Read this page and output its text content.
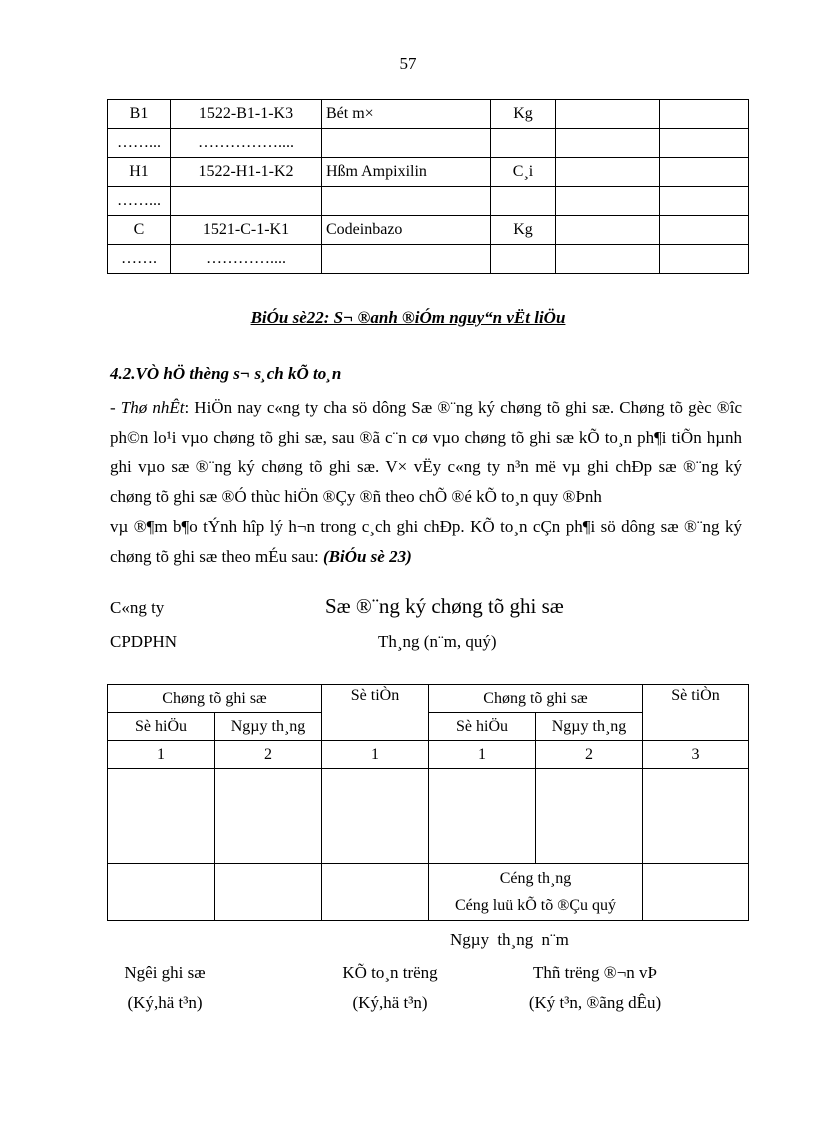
57
B1	1522-B1-1-K3	Bét m×	Kg		
……...	……………....				
H1	1522-H1-1-K2	Hßm Ampixilin	C¸i		
……...					
C	1521-C-1-K1	Codeinbazo	Kg		
…….	…………....				
BiÓu sè22: S¬ ®anh ®iÓm nguy“n vËt liÖu
4.2.VÒ hÖ thèng s¬ s¸ch kÕ to¸n

- Thø nhÊt: HiÖn nay c«ng ty cha sö dông Sæ ®¨ng ký chøng tõ ghi sæ. Chøng tõ gèc ®îc ph©n lo¹i vµo chøng tõ ghi sæ, sau ®ã c¨n cø vµo chøng tõ ghi sæ kÕ to¸n ph¶i tiÕn hµnh ghi vµo sæ ®¨ng ký chøng tõ ghi sæ. V× vËy c«ng ty n³n më vµ ghi chÐp sæ ®¨ng ký chøng tõ ghi sæ ®Ó thùc hiÖn ®Çy ®ñ theo chÕ ®é kÕ to¸n quy ®Þnh

vµ ®¶m b¶o tÝnh hîp lý h¬n trong c¸ch ghi chÐp. KÕ to¸n cÇn ph¶i sö dông sæ ®¨ng ký chøng tõ ghi sæ theo mÉu sau: (BiÓu sè 23)

C«ng ty
CPDPHN
Sæ ®¨ng ký chøng tõ ghi sæ
Th¸ng (n¨m, quý)
Chøng tõ ghi sæ		Sè tiÒn	Chøng tõ ghi sæ		Sè tiÒn
Sè hiÖu	Ngµy th¸ng		Sè hiÖu	Ngµy th¸ng	
1	2	1	1	2	3

			Céng th¸ng
Céng luü kÕ tõ ®Çu quý		

Ngµy th¸ng n¨m
Ngêi ghi sæ
(Ký,hä t³n)
KÕ to¸n trëng
(Ký,hä t³n)
Thñ trëng ®¬n vÞ
(Ký t³n, ®ãng dÊu)
